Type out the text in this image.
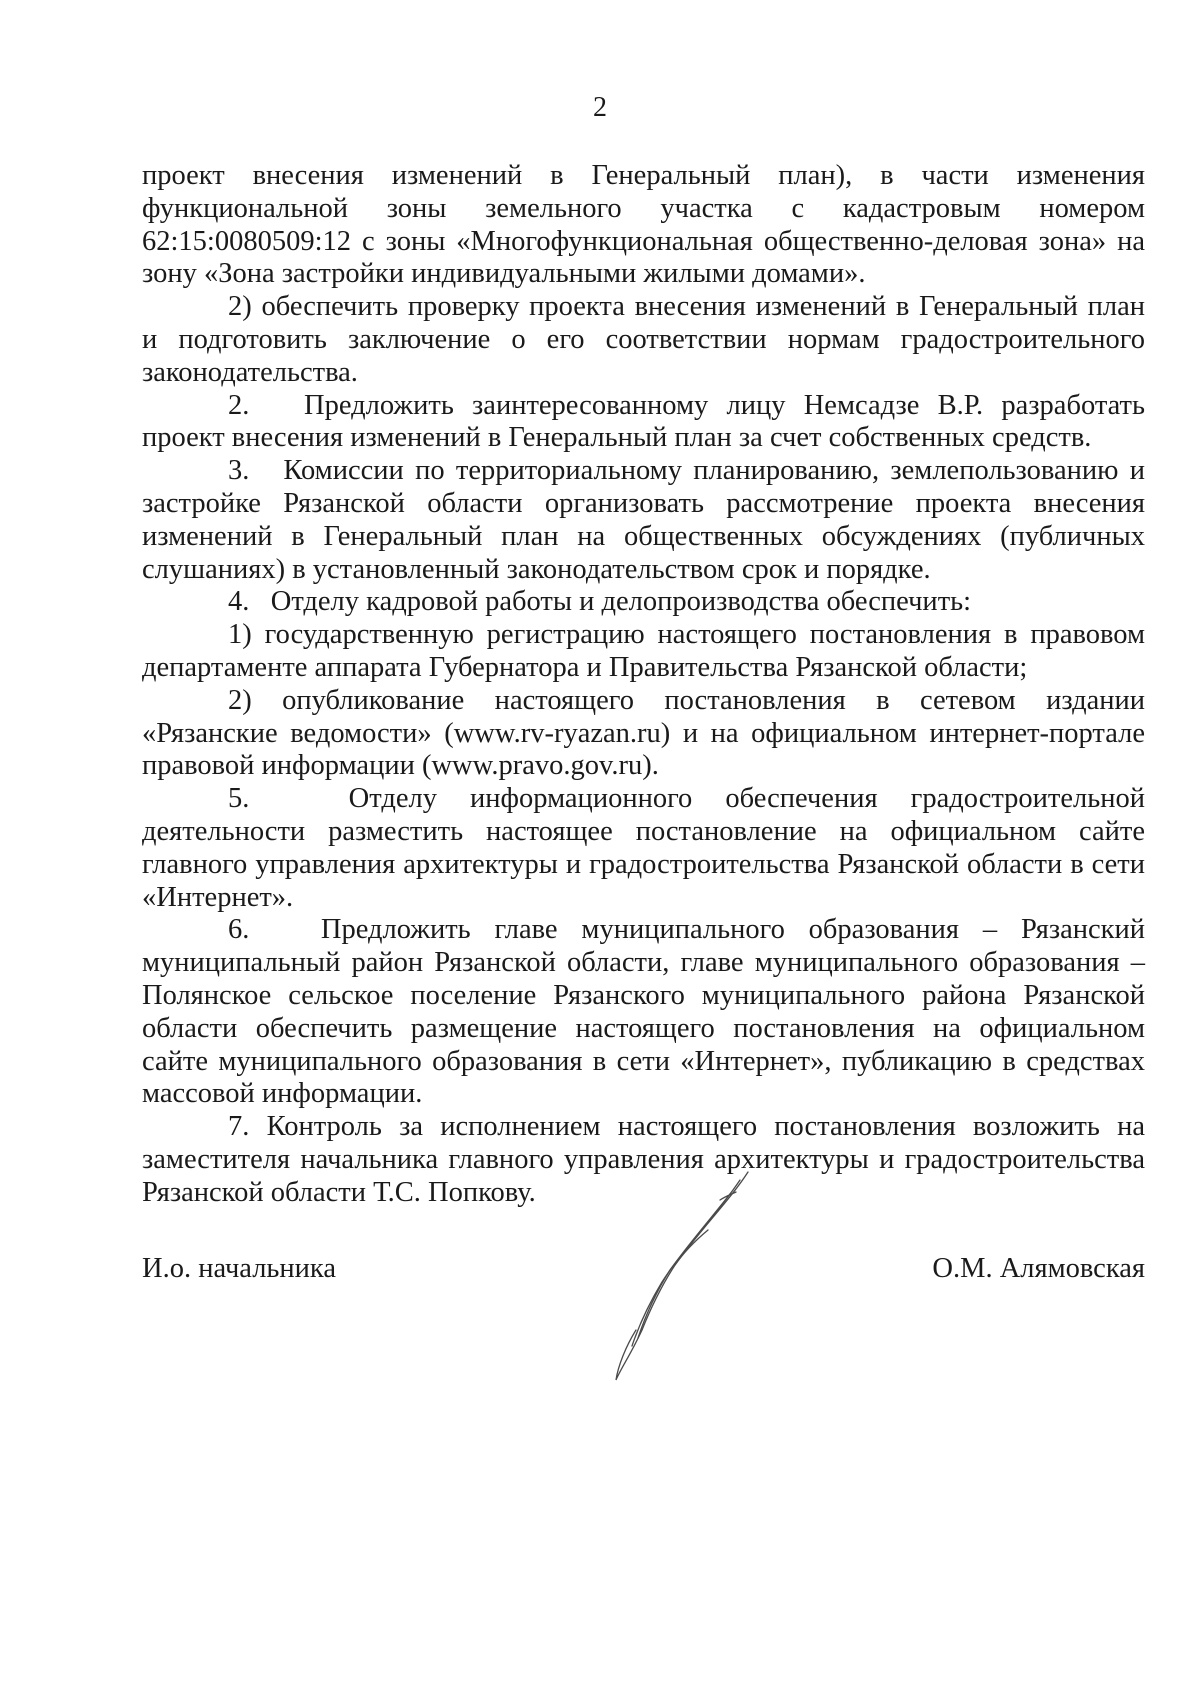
2

проект внесения изменений в Генеральный план), в части изменения функциональной зоны земельного участка с кадастровым номером 62:15:0080509:12 с зоны «Многофункциональная общественно-деловая зона» на зону «Зона застройки индивидуальными жилыми домами».

2) обеспечить проверку проекта внесения изменений в Генеральный план и подготовить заключение о его соответствии нормам градостроительного законодательства.

2.   Предложить заинтересованному лицу Немсадзе В.Р. разработать проект внесения изменений в Генеральный план за счет собственных средств.

3.   Комиссии по территориальному планированию, землепользованию и застройке Рязанской области организовать рассмотрение проекта внесения изменений в Генеральный план на общественных обсуждениях (публичных слушаниях) в установленный законодательством срок и порядке.

4.   Отделу кадровой работы и делопроизводства обеспечить:

1) государственную регистрацию настоящего постановления в правовом департаменте аппарата Губернатора и Правительства Рязанской области;

2) опубликование настоящего постановления в сетевом издании «Рязанские ведомости» (www.rv-ryazan.ru) и на официальном интернет-портале правовой информации (www.pravo.gov.ru).

5.   Отделу информационного обеспечения градостроительной деятельности разместить настоящее постановление на официальном сайте главного управления архитектуры и градостроительства Рязанской области в сети «Интернет».

6.   Предложить главе муниципального образования – Рязанский муниципальный район Рязанской области, главе муниципального образования – Полянское сельское поселение Рязанского муниципального района Рязанской области обеспечить размещение настоящего постановления на официальном сайте муниципального образования в сети «Интернет», публикацию в средствах массовой информации.

7. Контроль за исполнением настоящего постановления возложить на заместителя начальника главного управления архитектуры и градостроительства Рязанской области Т.С. Попкову.

И.о. начальника	О.М. Алямовская
